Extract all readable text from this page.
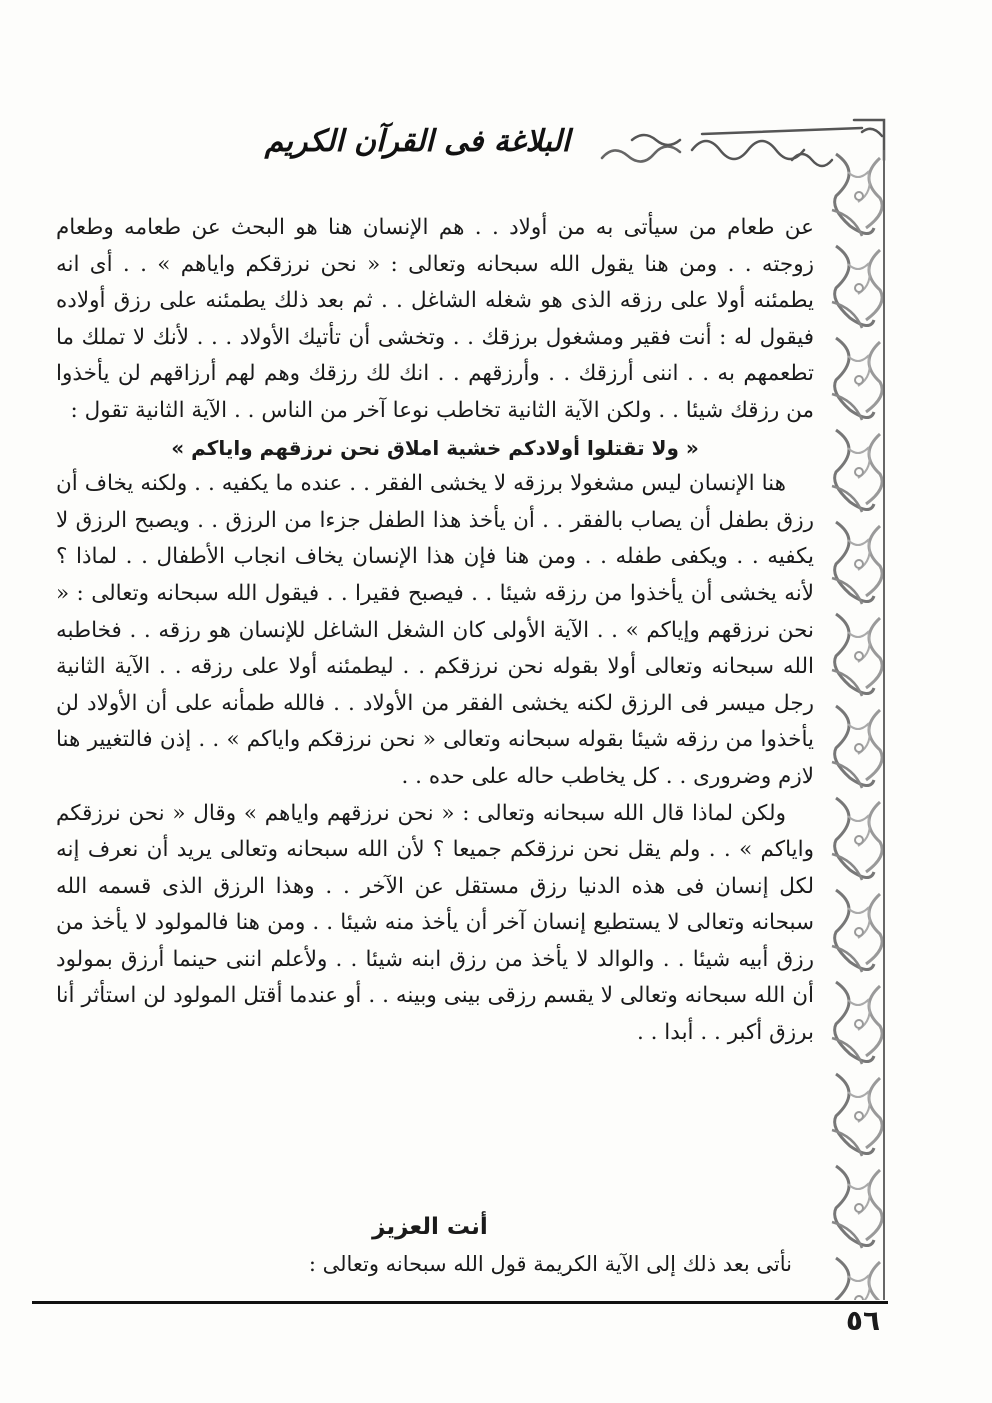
البلاغة فى القرآن الكريم

عن طعام من سيأتى به من أولاد . . هم الإنسان هنا هو البحث عن طعامه وطعام زوجته . . ومن هنا يقول الله سبحانه وتعالى : « نحن نرزقكم واياهم » . . أى انه يطمئنه أولا على رزقه الذى هو شغله الشاغل . . ثم بعد ذلك يطمئنه على رزق أولاده فيقول له : أنت فقير ومشغول برزقك . . وتخشى أن تأتيك الأولاد . . . لأنك لا تملك ما تطعمهم به . . اننى أرزقك . . وأرزقهم . . انك لك رزقك وهم لهم أرزاقهم لن يأخذوا من رزقك شيئا . . ولكن الآية الثانية تخاطب نوعا آخر من الناس . . الآية الثانية تقول :

« ولا تقتلوا أولادكم خشية املاق نحن نرزقهم واياكم »

هنا الإنسان ليس مشغولا برزقه لا يخشى الفقر . . عنده ما يكفيه . . ولكنه يخاف أن رزق بطفل أن يصاب بالفقر . . أن يأخذ هذا الطفل جزءا من الرزق . . ويصبح الرزق لا يكفيه . . ويكفى طفله . . ومن هنا فإن هذا الإنسان يخاف انجاب الأطفال . . لماذا ؟ لأنه يخشى أن يأخذوا من رزقه شيئا . . فيصبح فقيرا . . فيقول الله سبحانه وتعالى : « نحن نرزقهم وإياكم » . . الآية الأولى كان الشغل الشاغل للإنسان هو رزقه . . فخاطبه الله سبحانه وتعالى أولا بقوله نحن نرزقكم . . ليطمئنه أولا على رزقه . . الآية الثانية رجل ميسر فى الرزق لكنه يخشى الفقر من الأولاد . . فالله طمأنه على أن الأولاد لن يأخذوا من رزقه شيئا بقوله سبحانه وتعالى « نحن نرزقكم واياكم » . . إذن فالتغيير هنا لازم وضرورى . . كل يخاطب حاله على حده . .

ولكن لماذا قال الله سبحانه وتعالى : « نحن نرزقهم واياهم » وقال « نحن نرزقكم واياكم » . . ولم يقل نحن نرزقكم جميعا ؟ لأن الله سبحانه وتعالى يريد أن نعرف إنه لكل إنسان فى هذه الدنيا رزق مستقل عن الآخر . . وهذا الرزق الذى قسمه الله سبحانه وتعالى لا يستطيع إنسان آخر أن يأخذ منه شيئا . . ومن هنا فالمولود لا يأخذ من رزق أبيه شيئا . . والوالد لا يأخذ من رزق ابنه شيئا . . ولأعلم اننى حينما أرزق بمولود أن الله سبحانه وتعالى لا يقسم رزقى بينى وبينه . . أو عندما أقتل المولود لن استأثر أنا برزق أكبر . . أبدا . .

أنت العزيز
نأتى بعد ذلك إلى الآية الكريمة قول الله سبحانه وتعالى :
٥٦
